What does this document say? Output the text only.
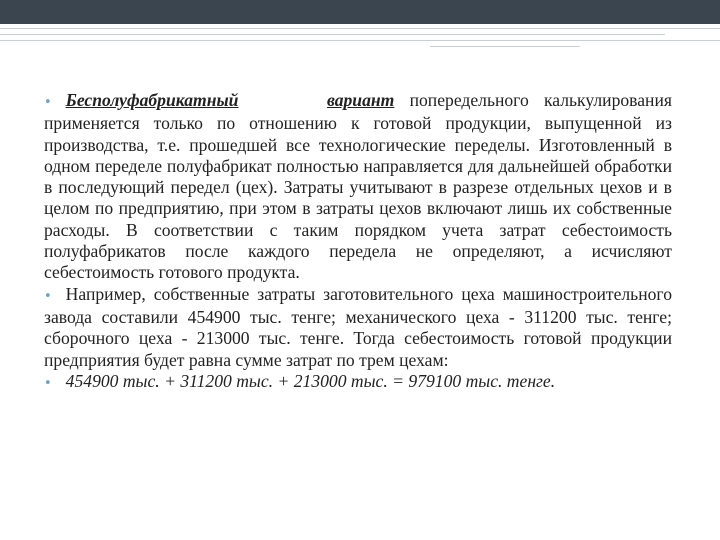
• Бесполуфабрикатный	вариант попередельного калькулирования применяется только по отношению к готовой продукции, выпущенной из производства, т.е. прошедшей все технологические переделы. Изготовленный в одном переделе полуфабрикат полностью направляется для дальнейшей обработки в последующий передел (цех). Затраты учитывают в разрезе отдельных цехов и в целом по предприятию, при этом в затраты цехов включают лишь их собственные расходы. В соответствии с таким порядком учета затрат себестоимость полуфабрикатов после каждого передела не определяют, а исчисляют себестоимость готового продукта.

• Например, собственные затраты заготовительного цеха машиностроительного завода составили 454900 тыс. тенге; механического цеха - 311200 тыс. тенге; сборочного цеха - 213000 тыс. тенге. Тогда себестоимость готовой продукции предприятия будет равна сумме затрат по трем цехам:

• 454900 тыс. + 311200 тыс. + 213000 тыс. = 979100 тыс. тенге.
